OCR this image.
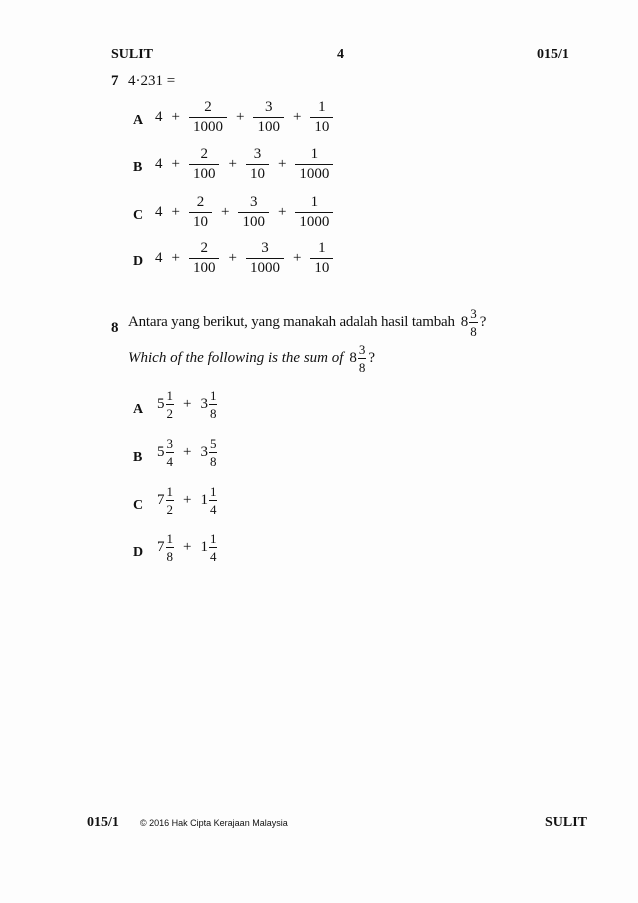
SULIT	4	015/1
7 4·231 =
A $4 + \frac{2}{1000} + \frac{3}{100} + \frac{1}{10}$
B $4 + \frac{2}{100} + \frac{3}{10} + \frac{1}{1000}$
C $4 + \frac{2}{10} + \frac{3}{100} + \frac{1}{1000}$
D $4 + \frac{2}{100} + \frac{3}{1000} + \frac{1}{10}$
8 Antara yang berikut, yang manakah adalah hasil tambah $8 \frac{3}{8}$ ?
Which of the following is the sum of $8 \frac{3}{8}$ ?
A $5 \frac{1}{2} + 3 \frac{1}{8}$
B $5 \frac{3}{4} + 3 \frac{5}{8}$
C $7 \frac{1}{2} + 1 \frac{1}{4}$
D $7 \frac{1}{8} + 1 \frac{1}{4}$
015/1 © 2016 Hak Cipta Kerajaan Malaysia	SULIT
